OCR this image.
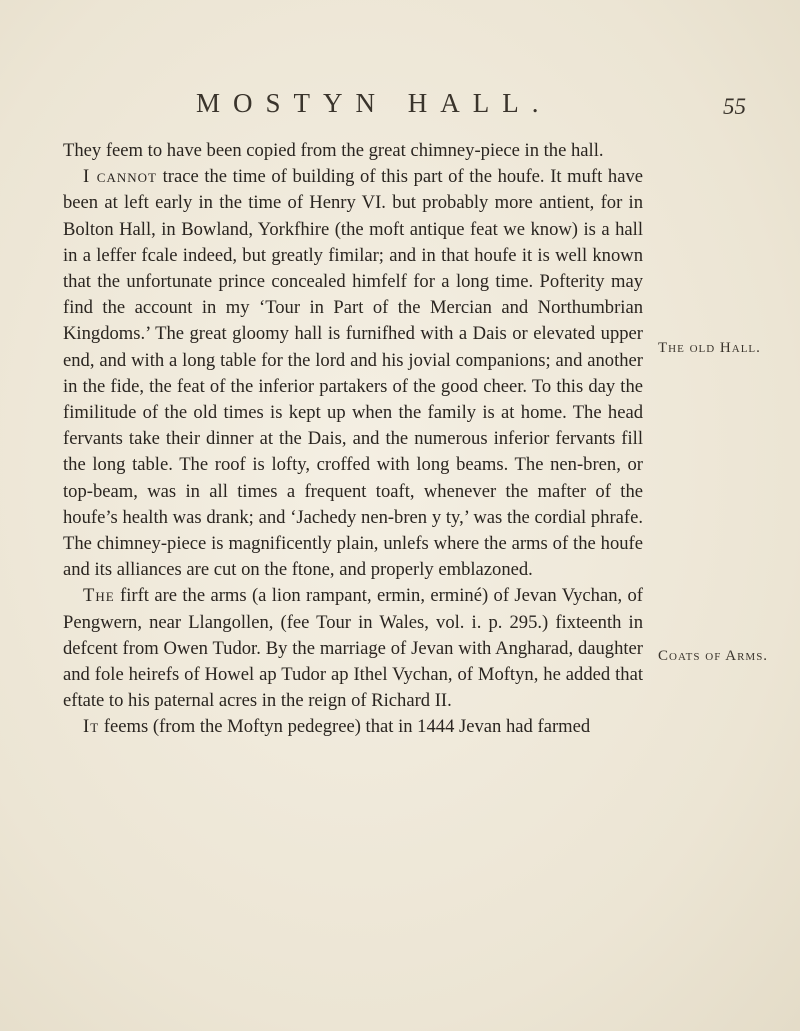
MOSTYN HALL.	55

They feem to have been copied from the great chimney-piece in the hall.

I cannot trace the time of building of this part of the houfe. It muft have been at left early in the time of Henry VI. but probably more antient, for in Bolton Hall, in Bowland, Yorkfhire (the moft antique feat we know) is a hall in a leffer fcale indeed, but greatly fimilar; and in that houfe it is well known that the unfortunate prince concealed himfelf for a long time. Pofterity may find the account in my ‘Tour in Part of the Mercian and Northumbrian Kingdoms.’ The great gloomy hall is furnifhed with a Dais or elevated upper end, and with a long table for the lord and his jovial companions; and another in the fide, the feat of the inferior partakers of the good cheer. To this day the fimilitude of the old times is kept up when the family is at home. The head fervants take their dinner at the Dais, and the numerous inferior fervants fill the long table. The roof is lofty, croffed with long beams. The nen-bren, or top-beam, was in all times a frequent toaft, whenever the mafter of the houfe’s health was drank; and ‘Jachedy nen-bren y ty,’ was the cordial phrafe. The chimney-piece is magnificently plain, unlefs where the arms of the houfe and its alliances are cut on the ftone, and properly emblazoned.

The firft are the arms (a lion rampant, ermin, erminé) of Jevan Vychan, of Pengwern, near Llangollen, (fee Tour in Wales, vol. i. p. 295.) fixteenth in defcent from Owen Tudor. By the marriage of Jevan with Angharad, daughter and fole heirefs of Howel ap Tudor ap Ithel Vychan, of Moftyn, he added that eftate to his paternal acres in the reign of Richard II.

It feems (from the Moftyn pedegree) that in 1444 Jevan had farmed

The old Hall.
Coats of Arms.
